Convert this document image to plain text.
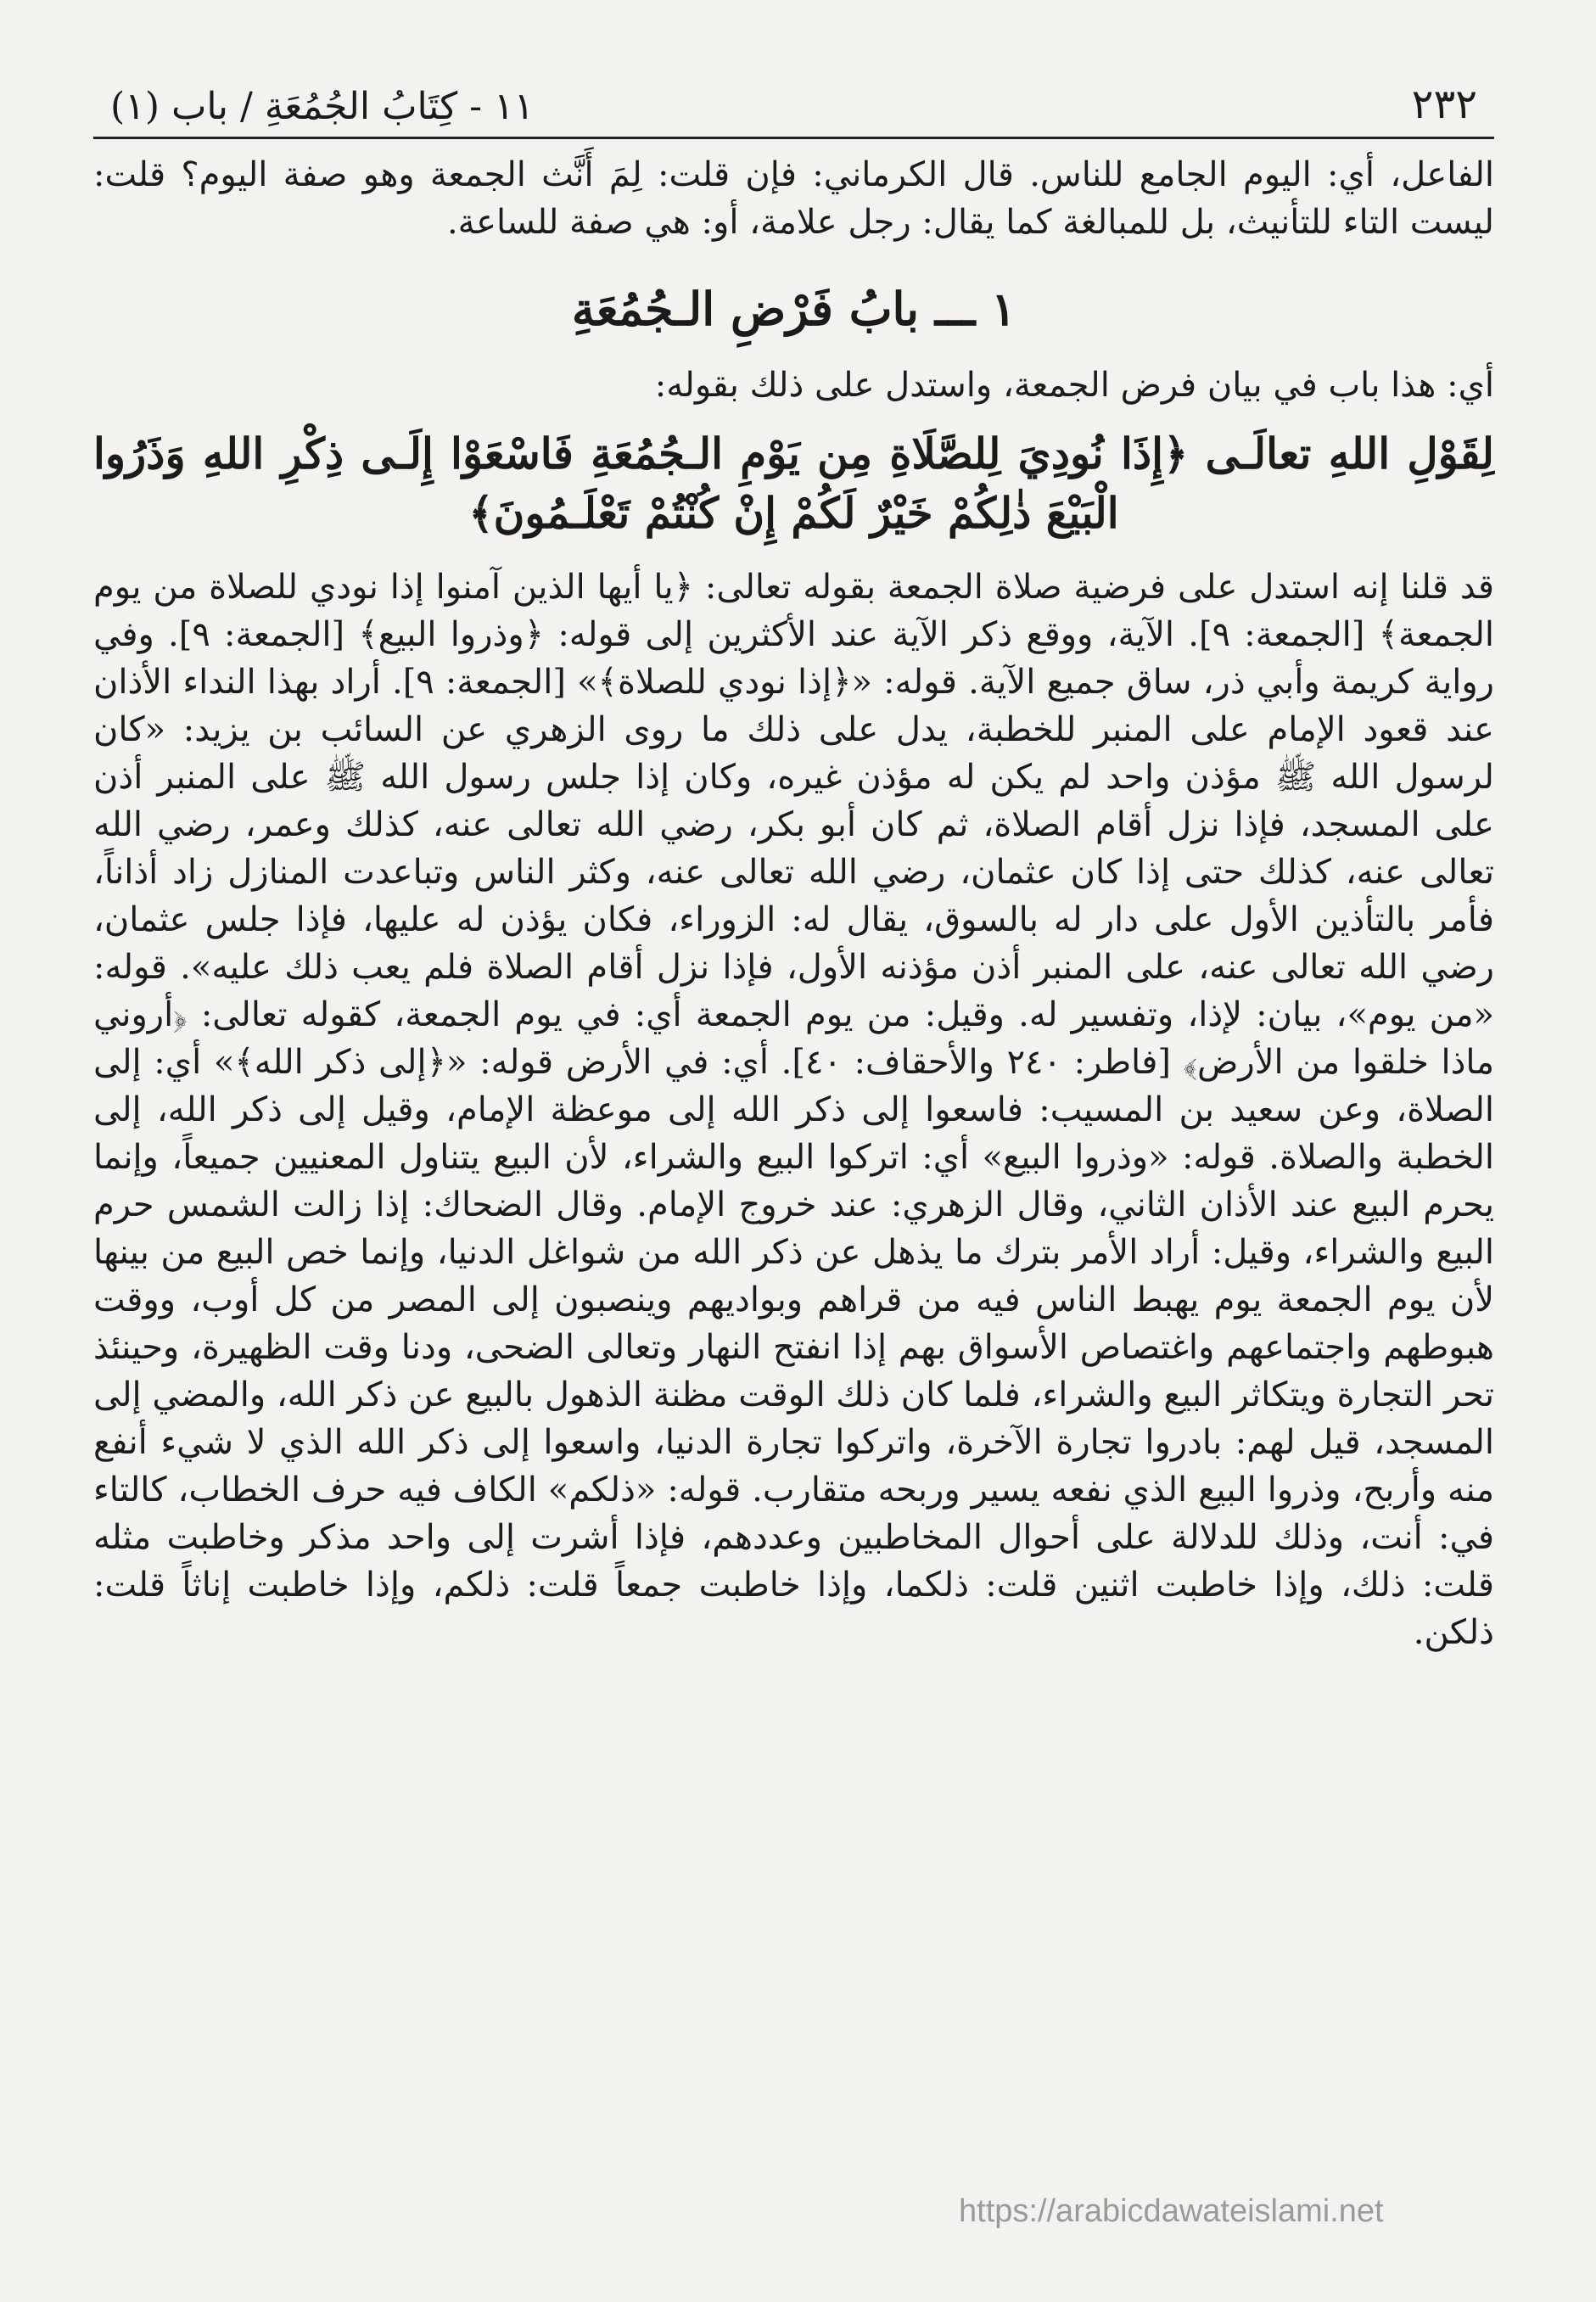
٢٣٢
١١ - كِتَابُ الجُمُعَةِ / باب (١)

الفاعل، أي: اليوم الجامع للناس. قال الكرماني: فإن قلت: لِمَ أَنَّث الجمعة وهو صفة اليوم؟ قلت: ليست التاء للتأنيث، بل للمبالغة كما يقال: رجل علامة، أو: هي صفة للساعة.

١ ـــ بابُ فَرْضِ الـجُمُعَةِ

أي: هذا باب في بيان فرض الجمعة، واستدل على ذلك بقوله:

لِقَوْلِ اللهِ تعالَـى ﴿إِذَا نُودِيَ لِلصَّلَاةِ مِن يَوْمِ الـجُمُعَةِ فَاسْعَوْا إِلَـى ذِكْرِ اللهِ وَذَرُوا الْبَيْعَ ذٰلِكُمْ خَيْرٌ لَكُمْ إِنْ كُنْتُمْ تَعْلَـمُونَ﴾

قد قلنا إنه استدل على فرضية صلاة الجمعة بقوله تعالى: ﴿يا أيها الذين آمنوا إذا نودي للصلاة من يوم الجمعة﴾ [الجمعة: ٩]. الآية، ووقع ذكر الآية عند الأكثرين إلى قوله: ﴿وذروا البيع﴾ [الجمعة: ٩]. وفي رواية كريمة وأبي ذر، ساق جميع الآية. قوله: «﴿إذا نودي للصلاة﴾» [الجمعة: ٩]. أراد بهذا النداء الأذان عند قعود الإمام على المنبر للخطبة، يدل على ذلك ما روى الزهري عن السائب بن يزيد: «كان لرسول الله ﷺ مؤذن واحد لم يكن له مؤذن غيره، وكان إذا جلس رسول الله ﷺ على المنبر أذن على المسجد، فإذا نزل أقام الصلاة، ثم كان أبو بكر، رضي الله تعالى عنه، كذلك وعمر، رضي الله تعالى عنه، كذلك حتى إذا كان عثمان، رضي الله تعالى عنه، وكثر الناس وتباعدت المنازل زاد أذاناً، فأمر بالتأذين الأول على دار له بالسوق، يقال له: الزوراء، فكان يؤذن له عليها، فإذا جلس عثمان، رضي الله تعالى عنه، على المنبر أذن مؤذنه الأول، فإذا نزل أقام الصلاة فلم يعب ذلك عليه». قوله: «من يوم»، بيان: لإذا، وتفسير له. وقيل: من يوم الجمعة أي: في يوم الجمعة، كقوله تعالى: ﴿أروني ماذا خلقوا من الأرض﴾ [فاطر: ٢٤٠ والأحقاف: ٤٠]. أي: في الأرض قوله: «﴿إلى ذكر الله﴾» أي: إلى الصلاة، وعن سعيد بن المسيب: فاسعوا إلى ذكر الله إلى موعظة الإمام، وقيل إلى ذكر الله، إلى الخطبة والصلاة. قوله: «وذروا البيع» أي: اتركوا البيع والشراء، لأن البيع يتناول المعنيين جميعاً، وإنما يحرم البيع عند الأذان الثاني، وقال الزهري: عند خروج الإمام. وقال الضحاك: إذا زالت الشمس حرم البيع والشراء، وقيل: أراد الأمر بترك ما يذهل عن ذكر الله من شواغل الدنيا، وإنما خص البيع من بينها لأن يوم الجمعة يوم يهبط الناس فيه من قراهم وبواديهم وينصبون إلى المصر من كل أوب، ووقت هبوطهم واجتماعهم واغتصاص الأسواق بهم إذا انفتح النهار وتعالى الضحى، ودنا وقت الظهيرة، وحينئذ تحر التجارة ويتكاثر البيع والشراء، فلما كان ذلك الوقت مظنة الذهول بالبيع عن ذكر الله، والمضي إلى المسجد، قيل لهم: بادروا تجارة الآخرة، واتركوا تجارة الدنيا، واسعوا إلى ذكر الله الذي لا شيء أنفع منه وأربح، وذروا البيع الذي نفعه يسير وربحه متقارب. قوله: «ذلكم» الكاف فيه حرف الخطاب، كالتاء في: أنت، وذلك للدلالة على أحوال المخاطبين وعددهم، فإذا أشرت إلى واحد مذكر وخاطبت مثله قلت: ذلك، وإذا خاطبت اثنين قلت: ذلكما، وإذا خاطبت جمعاً قلت: ذلكم، وإذا خاطبت إناثاً قلت: ذلكن.

https://arabicdawateislami.net
